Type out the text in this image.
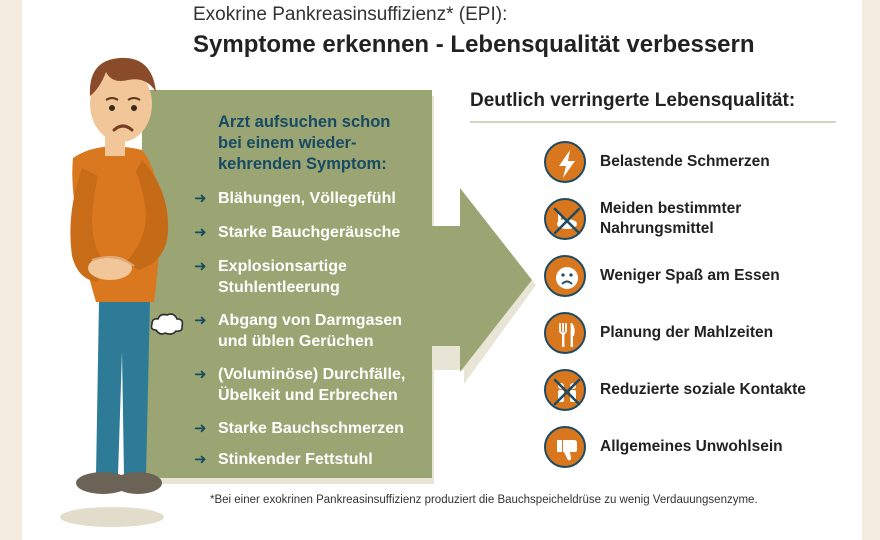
Exokrine Pankreasinsuffizienz* (EPI):
Symptome erkennen - Lebensqualität verbessern
Arzt aufsuchen schon
bei einem wieder-
kehrenden Symptom:
➜ Blähungen, Völlegefühl
➜ Starke Bauchgeräusche
➜ Explosionsartige
Stuhlentleerung
➜ Abgang von Darmgasen
und üblen Gerüchen
➜ (Voluminöse) Durchfälle,
Übelkeit und Erbrechen
➜ Starke Bauchschmerzen
➜ Stinkender Fettstuhl
Deutlich verringerte Lebensqualität:
Belastende Schmerzen
Meiden bestimmter
Nahrungsmittel
Weniger Spaß am Essen
Planung der Mahlzeiten
Reduzierte soziale Kontakte
Allgemeines Unwohlsein
*Bei einer exokrinen Pankreasinsuffizienz produziert die Bauchspeicheldrüse zu wenig Verdauungsenzyme.
